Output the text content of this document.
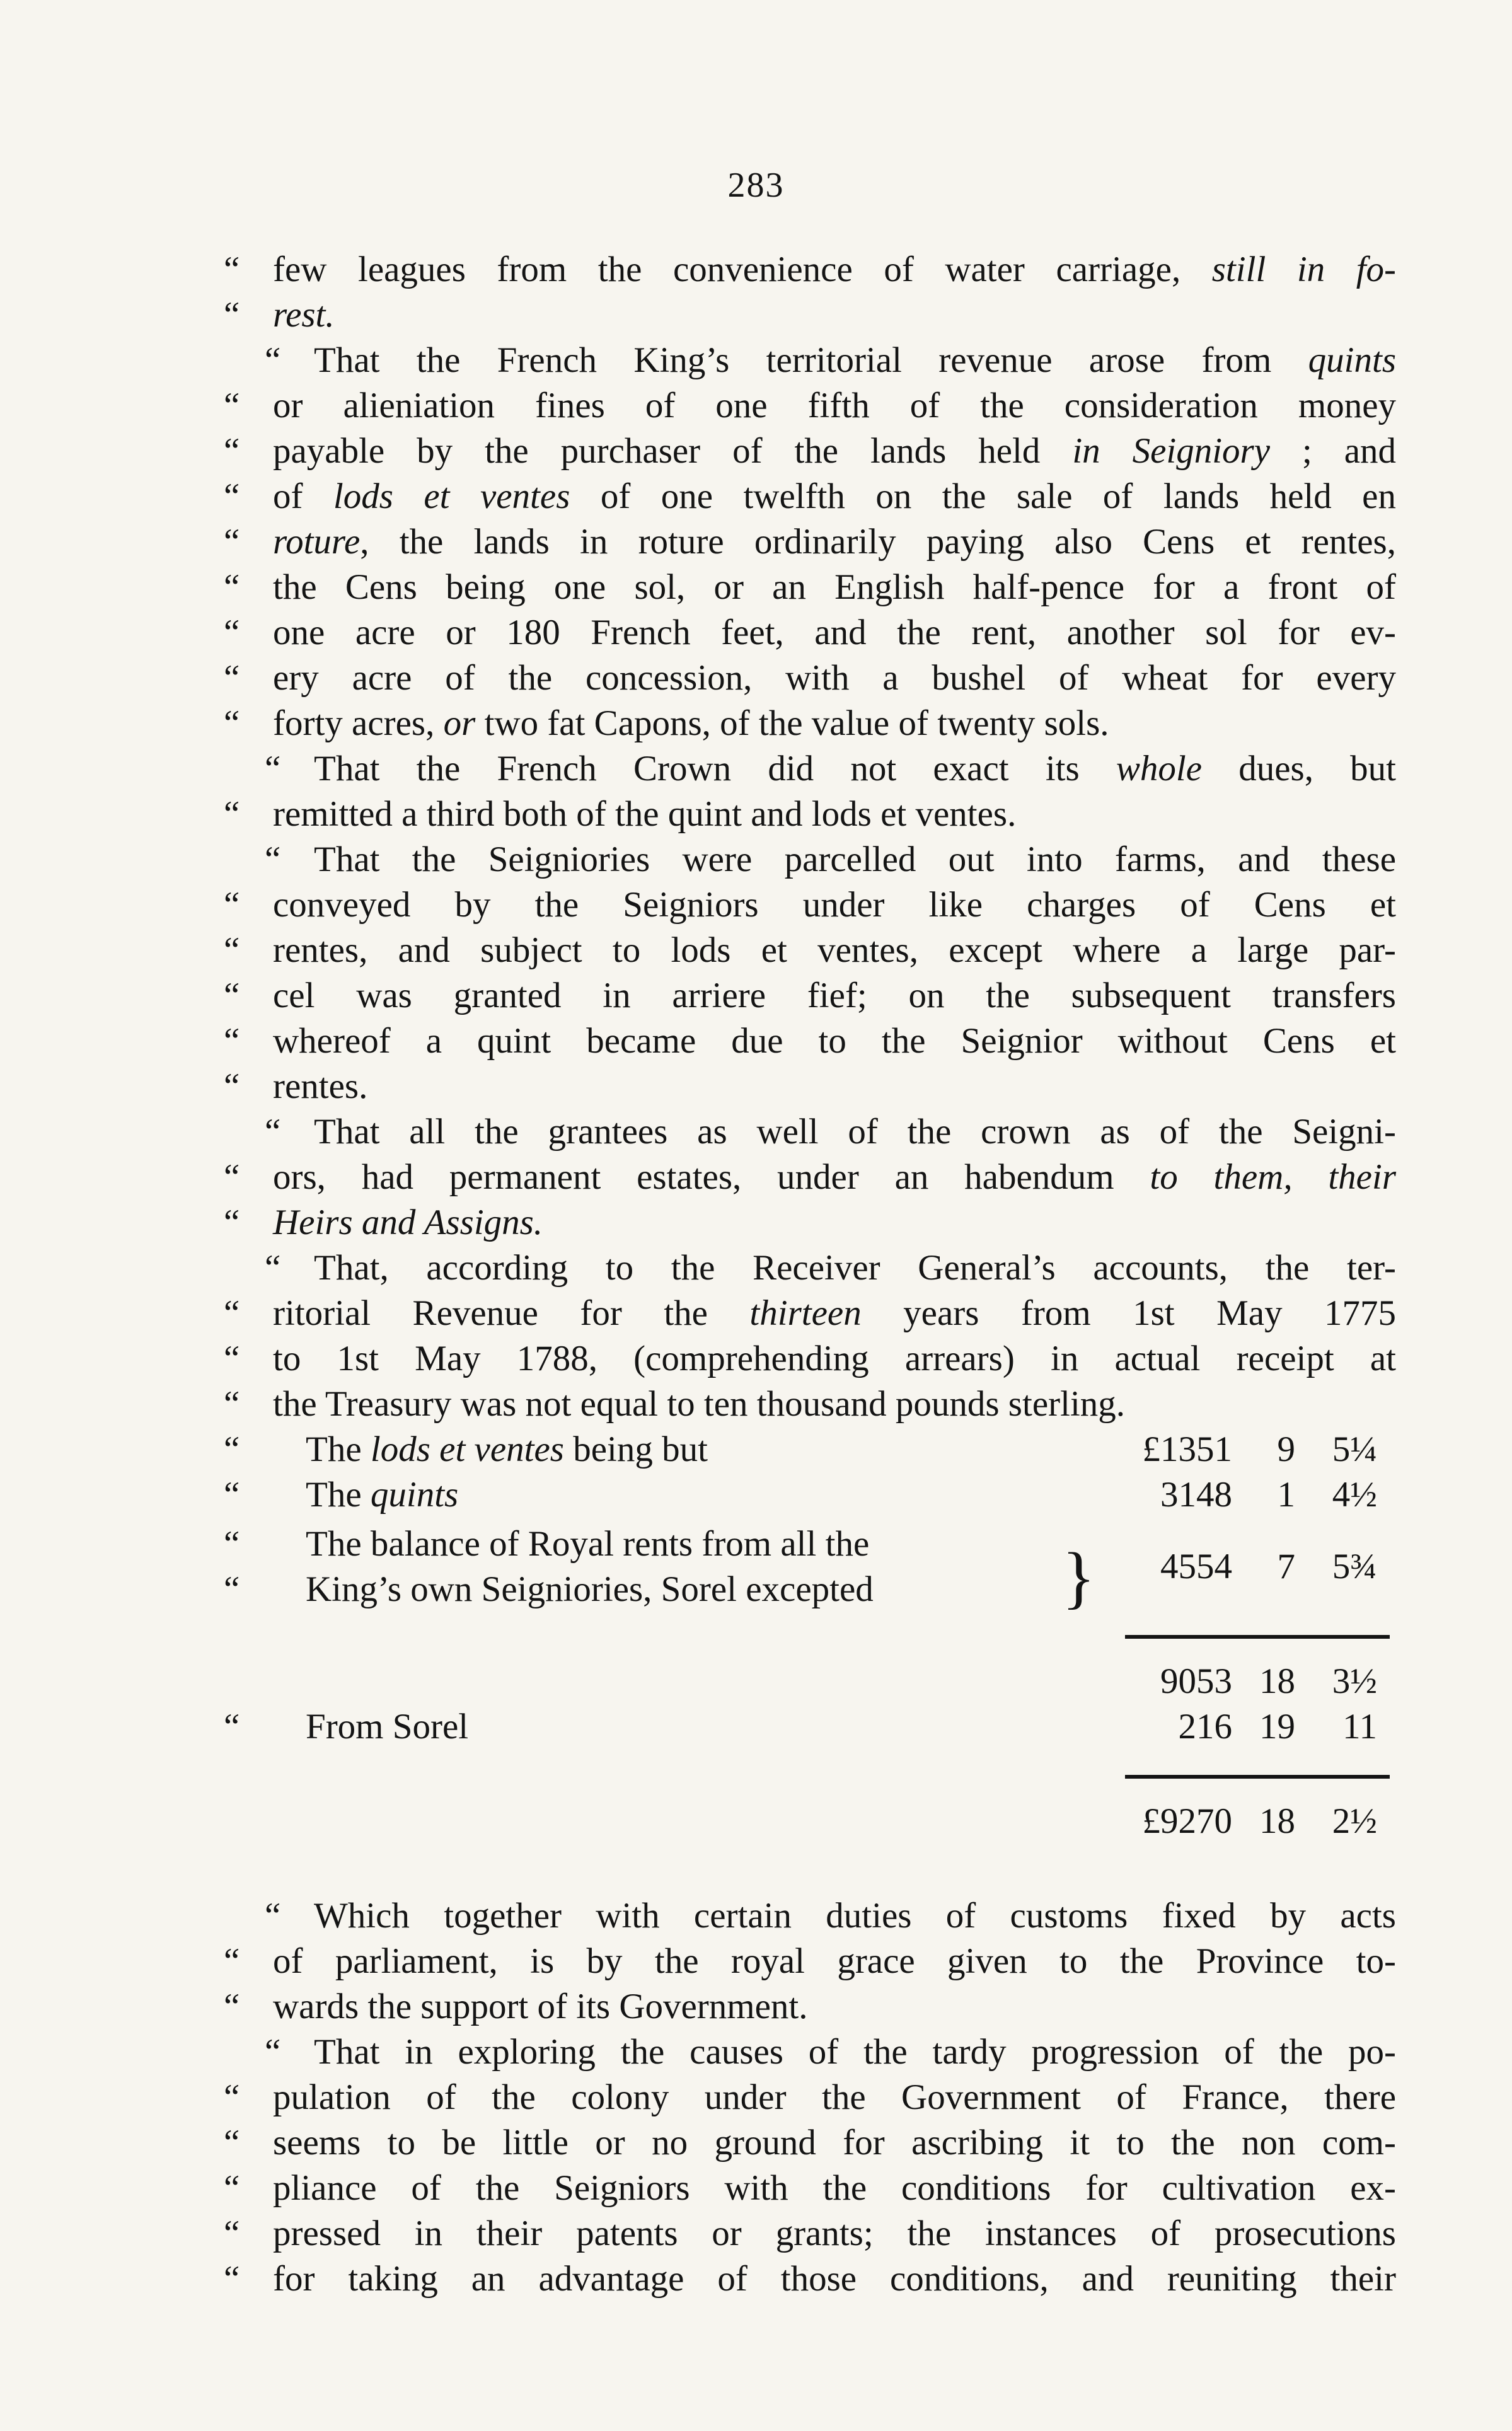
283
“ few leagues from the convenience of water carriage, still in fo-
“ rest.
“ That the French King’s territorial revenue arose from quints
“ or alieniation fines of one fifth of the consideration money
“ payable by the purchaser of the lands held in Seigniory ; and
“ of lods et ventes of one twelfth on the sale of lands held en
“ roture, the lands in roture ordinarily paying also Cens et rentes,
“ the Cens being one sol, or an English half-pence for a front of
“ one acre or 180 French feet, and the rent, another sol for ev-
“ ery acre of the concession, with a bushel of wheat for every
“ forty acres, or two fat Capons, of the value of twenty sols.
“ That the French Crown did not exact its whole dues, but
“ remitted a third both of the quint and lods et ventes.
“ That the Seigniories were parcelled out into farms, and these
“ conveyed by the Seigniors under like charges of Cens et
“ rentes, and subject to lods et ventes, except where a large par-
“ cel was granted in arriere fief; on the subsequent transfers
“ whereof a quint became due to the Seignior without Cens et
“ rentes.
“ That all the grantees as well of the crown as of the Seigni-
“ ors, had permanent estates, under an habendum to them, their
“ Heirs and Assigns.
“ That, according to the Receiver General’s accounts, the ter-
“ ritorial Revenue for the thirteen years from 1st May 1775
“ to 1st May 1788, (comprehending arrears) in actual receipt at
“ the Treasury was not equal to ten thousand pounds sterling.
“ The lods et ventes being but	£1351	9	5¼
“ The quints	3148	1	4½
“ The balance of Royal rents from all the
“ King’s own Seigniories, Sorel excepted	}	4554	7	5¾
9053 18	3½
“ From Sorel	216 19	11
£9270 18	2½
“ Which together with certain duties of customs fixed by acts
“ of parliament, is by the royal grace given to the Province to-
“ wards the support of its Government.
“ That in exploring the causes of the tardy progression of the po-
“ pulation of the colony under the Government of France, there
“ seems to be little or no ground for ascribing it to the non com-
“ pliance of the Seigniors with the conditions for cultivation ex-
“ pressed in their patents or grants; the instances of prosecutions
“ for taking an advantage of those conditions, and reuniting their
